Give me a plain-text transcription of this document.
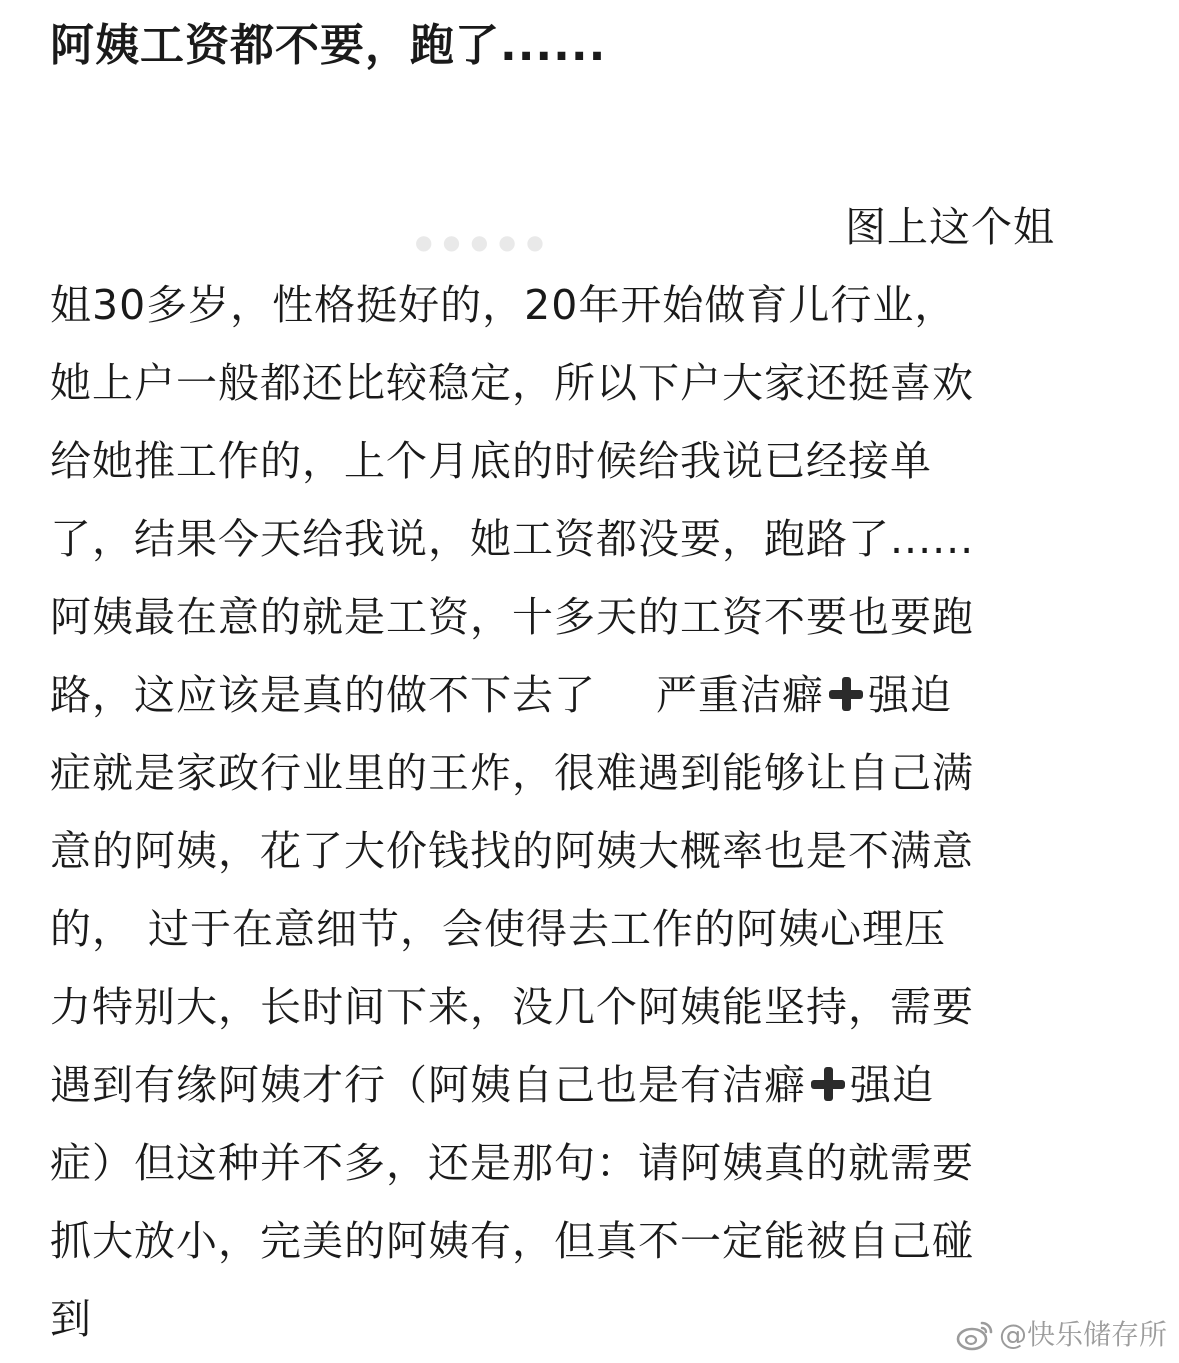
阿姨工资都不要，跑了......
● ● ● ● ●	图上这个姐
姐30多岁，性格挺好的，20年开始做育儿行业，
她上户一般都还比较稳定，所以下户大家还挺喜欢
给她推工作的，上个月底的时候给我说已经接单
了，结果今天给我说，她工资都没要，跑路了......
阿姨最在意的就是工资，十多天的工资不要也要跑
路，这应该是真的做不下去了 严重洁癖 强迫
症就是家政行业里的王炸，很难遇到能够让自己满
意的阿姨，花了大价钱找的阿姨大概率也是不满意
的， 过于在意细节，会使得去工作的阿姨心理压
力特别大，长时间下来，没几个阿姨能坚持，需要
遇到有缘阿姨才行（阿姨自己也是有洁癖 强迫
症）但这种并不多，还是那句：请阿姨真的就需要
抓大放小，完美的阿姨有，但真不一定能被自己碰
到	@快乐储存所
